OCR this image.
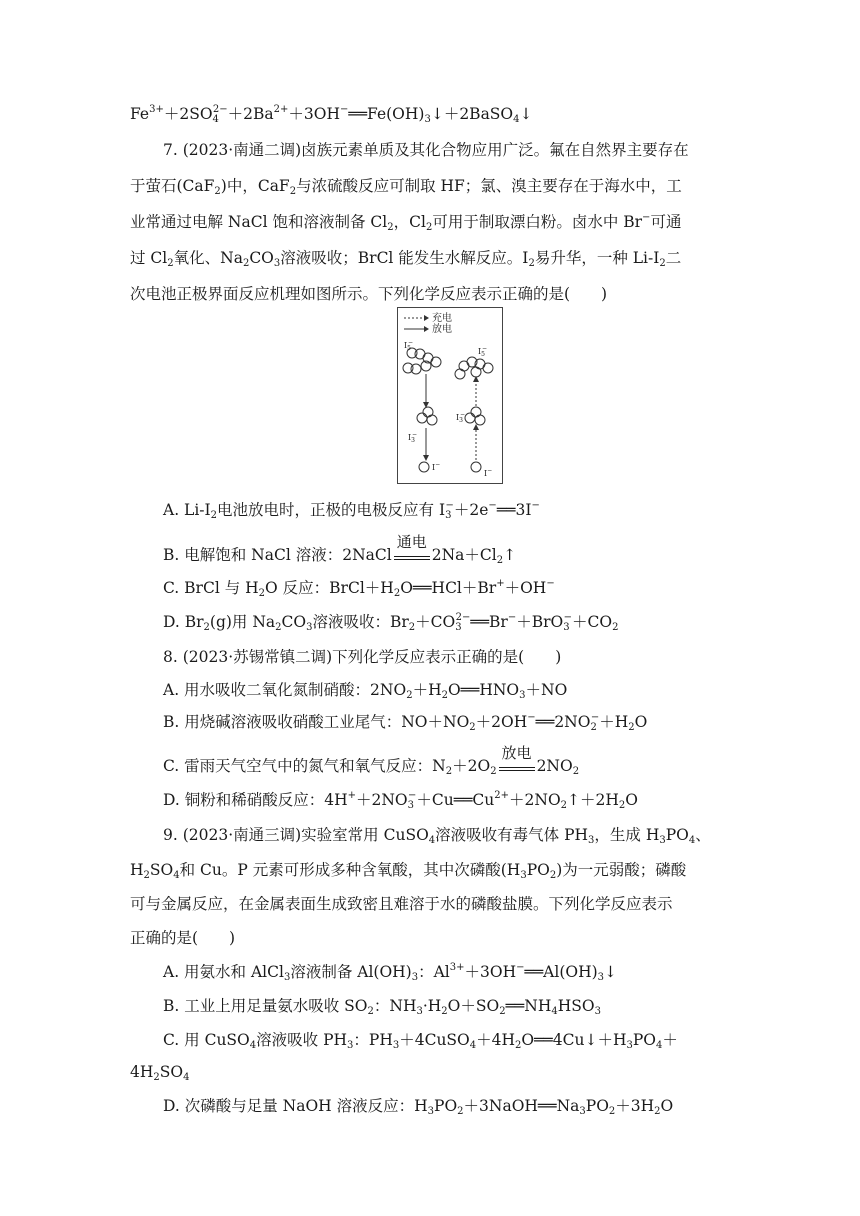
$Fe^{3+}+2SO_4^{2-}+2Ba^{2+}+3OH^-══Fe(OH)_3↓+2BaSO_4↓$
7. (2023·南通二调)卤族元素单质及其化合物应用广泛。氟在自然界主要存在
于萤石(CaF$_2$)中，CaF$_2$与浓硫酸反应可制取 HF；氯、溴主要存在于海水中，工
业常通过电解 NaCl 饱和溶液制备 $Cl_2$，$Cl_2$可用于制取漂白粉。卤水中 Br−可通
过 $Cl_2$氧化、$Na_2CO_3$溶液吸收；BrCl 能发生水解反应。$I_2$易升华，一种 $Li-I_2$二
次电池正极界面反应机理如图所示。下列化学反应表示正确的是(　　)
充电
放电
$I_5-$
$I_5-$
$I_3-$
$I_3-$
I−
I−
A. $Li-I_2$电池放电时，正极的电极反应有 $I_3^-+2e^-══3I^-$
B. 电解饱和 NaCl 溶液：2NaCl
通电
$2Na+Cl_2↑$
C. BrCl 与 $H_2O$ 反应：$BrCl+H_2O══HCl+Br^++OH^-$
D. $Br_2(g)$用 $Na_2CO_3$溶液吸收：$Br_2+CO_3^{2-}══Br^-+BrO_3^-+CO_2$
8. (2023·苏锡常镇二调)下列化学反应表示正确的是(　　)
A. 用水吸收二氧化氮制硝酸：$2NO_2+H_2O══HNO_3+NO$
B. 用烧碱溶液吸收硝酸工业尾气：$NO+NO_2+2OH^-══2NO_2^-+H_2O$
C. 雷雨天气空气中的氮气和氧气反应：$N_2+2O_2$
放电
$2NO_2$
D. 铜粉和稀硝酸反应：$4H^++2NO_3^-+Cu══Cu^{2+}+2NO_2↑+2H_2O$
9. (2023·南通三调)实验室常用 CuSO$_4$溶液吸收有毒气体 $PH_3$，生成 $H_3PO_4$、
$H_2SO_4$和 Cu。P 元素可形成多种含氧酸，其中次磷酸$(H_3PO_2)$为一元弱酸；磷酸
可与金属反应，在金属表面生成致密且难溶于水的磷酸盐膜。下列化学反应表示
正确的是(　　)
A. 用氨水和 AlCl$_3$溶液制备 $Al(OH)_3$：$Al^{3+}+3OH^-══Al(OH)_3↓$
B. 工业上用足量氨水吸收 $SO_2$：$NH_3\cdot H_2O+SO_2══NH_4HSO_3$
C. 用 CuSO$_4$溶液吸收 $PH_3$：$PH_3+4CuSO_4+4H_2O══4Cu↓+H_3PO_4+$
$4H_2SO_4$
D. 次磷酸与足量 NaOH 溶液反应：$H_3PO_2+3NaOH══Na_3PO_2+3H_2O$
